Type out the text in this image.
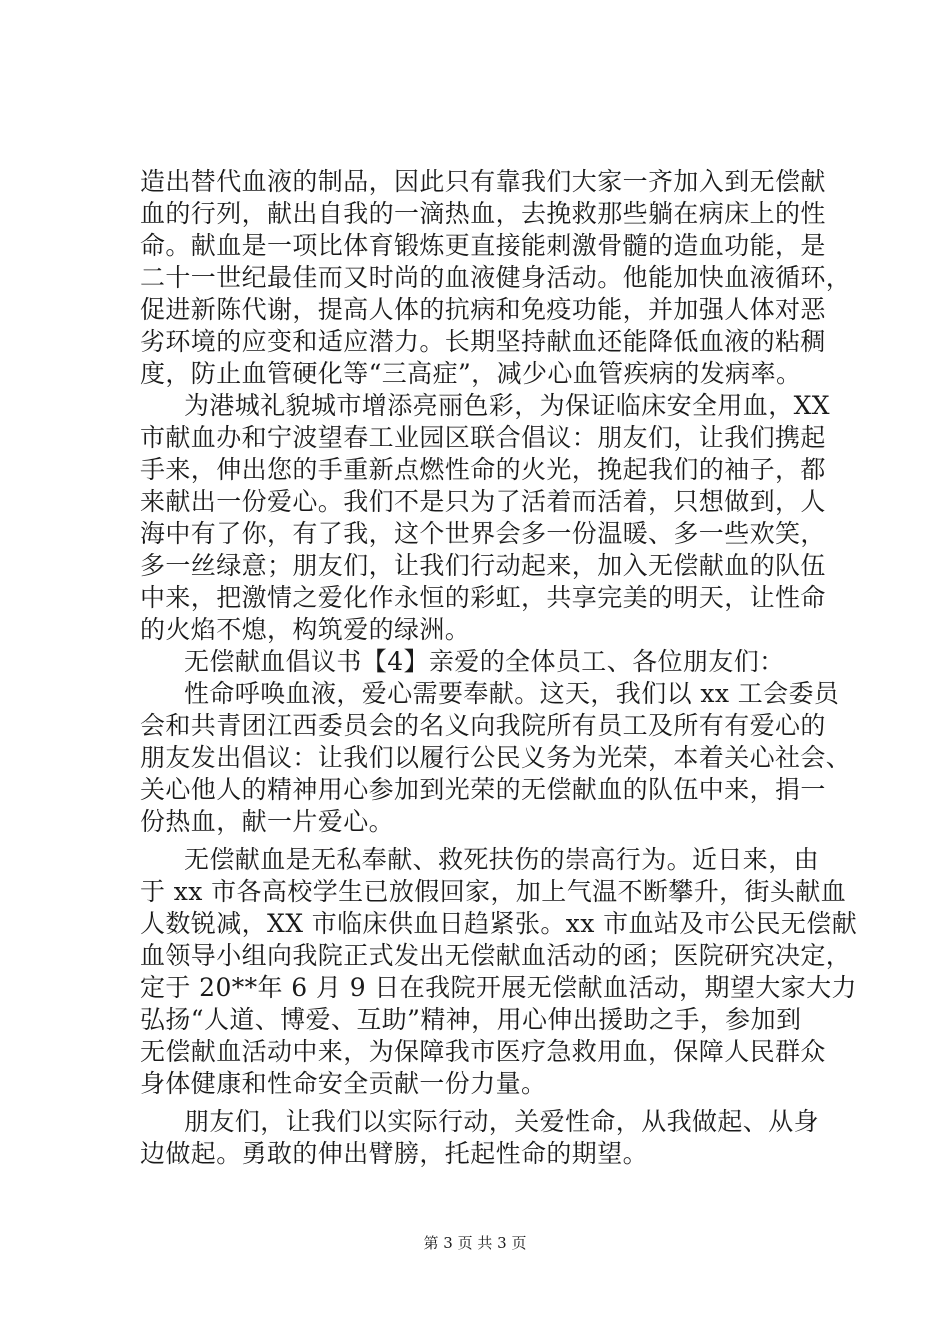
造出替代血液的制品，因此只有靠我们大家一齐加入到无偿献
血的行列，献出自我的一滴热血，去挽救那些躺在病床上的性
命。献血是一项比体育锻炼更直接能刺激骨髓的造血功能，是
二十一世纪最佳而又时尚的血液健身活动。他能加快血液循环，
促进新陈代谢，提高人体的抗病和免疫功能，并加强人体对恶
劣环境的应变和适应潜力。长期坚持献血还能降低血液的粘稠
度，防止血管硬化等“三高症”，减少心血管疾病的发病率。
为港城礼貌城市增添亮丽色彩，为保证临床安全用血，XX
市献血办和宁波望春工业园区联合倡议：朋友们，让我们携起
手来，伸出您的手重新点燃性命的火光，挽起我们的袖子，都
来献出一份爱心。我们不是只为了活着而活着，只想做到，人
海中有了你，有了我，这个世界会多一份温暖、多一些欢笑，
多一丝绿意；朋友们，让我们行动起来，加入无偿献血的队伍
中来，把激情之爱化作永恒的彩虹，共享完美的明天，让性命
的火焰不熄，构筑爱的绿洲。
无偿献血倡议书【4】亲爱的全体员工、各位朋友们：
性命呼唤血液，爱心需要奉献。这天，我们以 xx 工会委员
会和共青团江西委员会的名义向我院所有员工及所有有爱心的
朋友发出倡议：让我们以履行公民义务为光荣，本着关心社会、
关心他人的精神用心参加到光荣的无偿献血的队伍中来，捐一
份热血，献一片爱心。
无偿献血是无私奉献、救死扶伤的崇高行为。近日来，由
于 xx 市各高校学生已放假回家，加上气温不断攀升，街头献血
人数锐减，XX 市临床供血日趋紧张。xx 市血站及市公民无偿献
血领导小组向我院正式发出无偿献血活动的函；医院研究决定，
定于 20**年 6 月 9 日在我院开展无偿献血活动，期望大家大力
弘扬“人道、博爱、互助”精神，用心伸出援助之手，参加到
无偿献血活动中来，为保障我市医疗急救用血，保障人民群众
身体健康和性命安全贡献一份力量。
朋友们，让我们以实际行动，关爱性命，从我做起、从身
边做起。勇敢的伸出臂膀，托起性命的期望。
第 3 页 共 3 页
